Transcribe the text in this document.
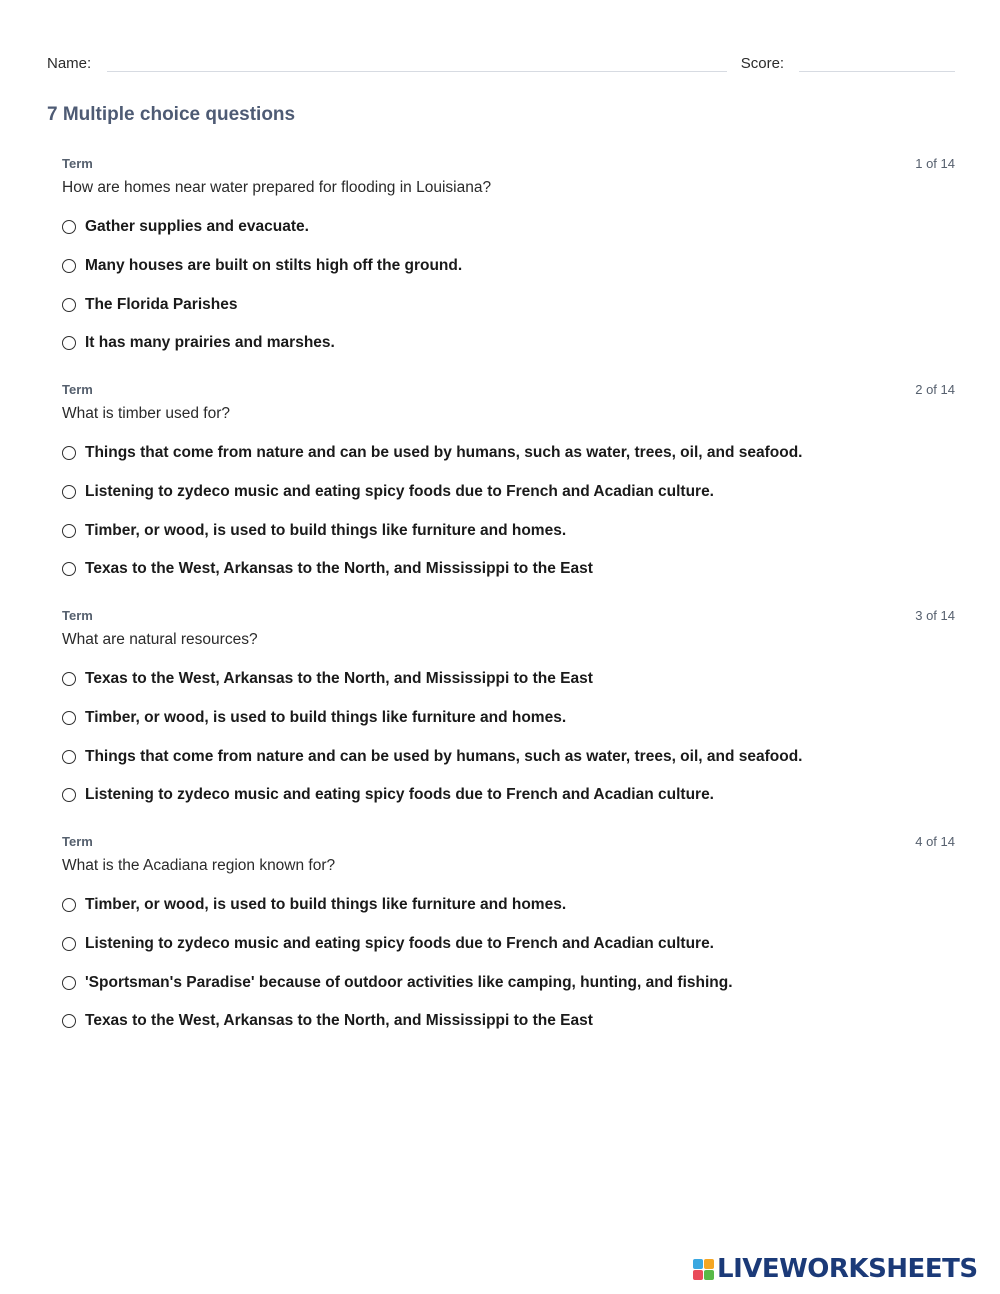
Name:	Score:
7 Multiple choice questions
Term	1 of 14
How are homes near water prepared for flooding in Louisiana?
Gather supplies and evacuate.
Many houses are built on stilts high off the ground.
The Florida Parishes
It has many prairies and marshes.
Term	2 of 14
What is timber used for?
Things that come from nature and can be used by humans, such as water, trees, oil, and seafood.
Listening to zydeco music and eating spicy foods due to French and Acadian culture.
Timber, or wood, is used to build things like furniture and homes.
Texas to the West, Arkansas to the North, and Mississippi to the East
Term	3 of 14
What are natural resources?
Texas to the West, Arkansas to the North, and Mississippi to the East
Timber, or wood, is used to build things like furniture and homes.
Things that come from nature and can be used by humans, such as water, trees, oil, and seafood.
Listening to zydeco music and eating spicy foods due to French and Acadian culture.
Term	4 of 14
What is the Acadiana region known for?
Timber, or wood, is used to build things like furniture and homes.
Listening to zydeco music and eating spicy foods due to French and Acadian culture.
'Sportsman's Paradise' because of outdoor activities like camping, hunting, and fishing.
Texas to the West, Arkansas to the North, and Mississippi to the East
LIVEWORKSHEETS
